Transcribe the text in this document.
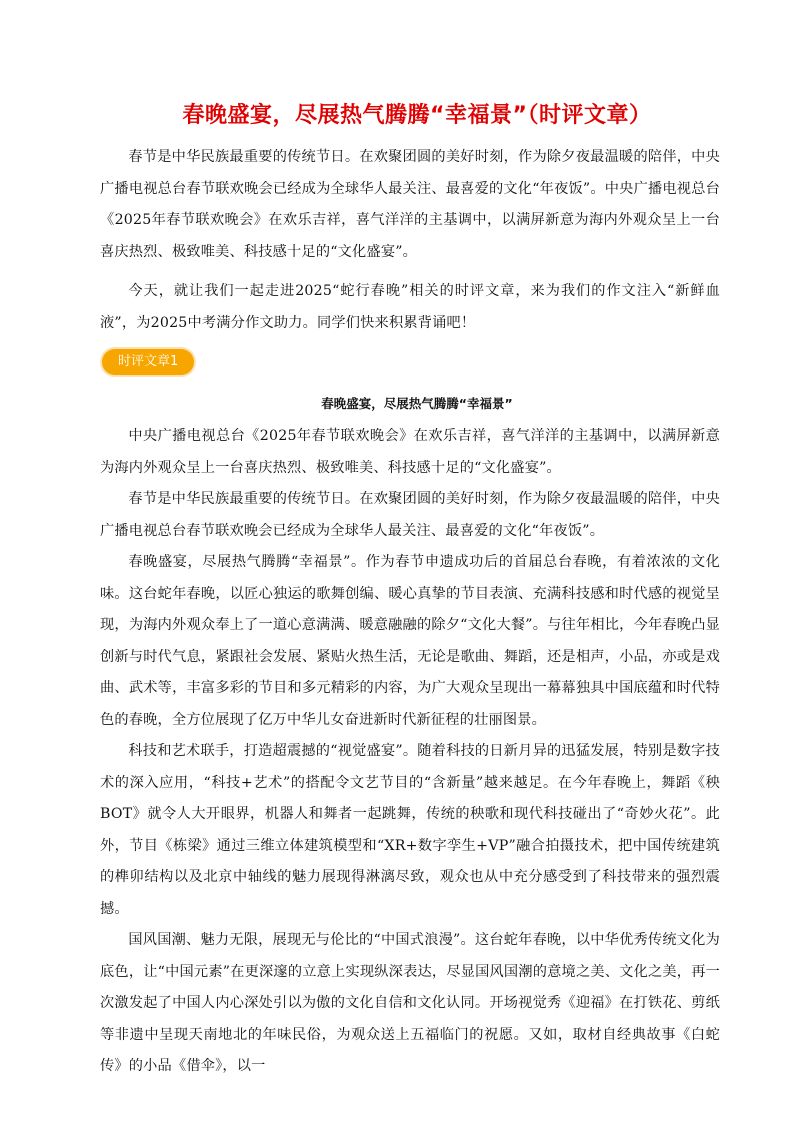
春晚盛宴，尽展热气腾腾“幸福景”（时评文章）

春节是中华民族最重要的传统节日。在欢聚团圆的美好时刻，作为除夕夜最温暖的陪伴，中央广播电视总台春节联欢晚会已经成为全球华人最关注、最喜爱的文化“年夜饭”。中央广播电视总台《2025年春节联欢晚会》在欢乐吉祥，喜气洋洋的主基调中，以满屏新意为海内外观众呈上一台喜庆热烈、极致唯美、科技感十足的“文化盛宴”。

今天，就让我们一起走进2025“蛇行春晚”相关的时评文章，来为我们的作文注入“新鲜血液”，为2025中考满分作文助力。同学们快来积累背诵吧！

时评文章1
春晚盛宴，尽展热气腾腾“幸福景”

中央广播电视总台《2025年春节联欢晚会》在欢乐吉祥，喜气洋洋的主基调中，以满屏新意为海内外观众呈上一台喜庆热烈、极致唯美、科技感十足的“文化盛宴”。

春节是中华民族最重要的传统节日。在欢聚团圆的美好时刻，作为除夕夜最温暖的陪伴，中央广播电视总台春节联欢晚会已经成为全球华人最关注、最喜爱的文化“年夜饭”。

春晚盛宴，尽展热气腾腾“幸福景”。作为春节申遗成功后的首届总台春晚，有着浓浓的文化味。这台蛇年春晚，以匠心独运的歌舞创编、暖心真挚的节目表演、充满科技感和时代感的视觉呈现，为海内外观众奉上了一道心意满满、暖意融融的除夕“文化大餐”。与往年相比，今年春晚凸显创新与时代气息，紧跟社会发展、紧贴火热生活，无论是歌曲、舞蹈，还是相声，小品，亦或是戏曲、武术等，丰富多彩的节目和多元精彩的内容，为广大观众呈现出一幕幕独具中国底蕴和时代特色的春晚，全方位展现了亿万中华儿女奋进新时代新征程的壮丽图景。

科技和艺术联手，打造超震撼的“视觉盛宴”。随着科技的日新月异的迅猛发展，特别是数字技术的深入应用，“科技+艺术”的搭配令文艺节目的“含新量”越来越足。在今年春晚上，舞蹈《秧BOT》就令人大开眼界，机器人和舞者一起跳舞，传统的秧歌和现代科技碰出了“奇妙火花”。此外，节目《栋梁》通过三维立体建筑模型和“XR+数字孪生+VP”融合拍摄技术，把中国传统建筑的榫卯结构以及北京中轴线的魅力展现得淋漓尽致，观众也从中充分感受到了科技带来的强烈震撼。

国风国潮、魅力无限，展现无与伦比的“中国式浪漫”。这台蛇年春晚，以中华优秀传统文化为底色，让“中国元素”在更深邃的立意上实现纵深表达，尽显国风国潮的意境之美、文化之美，再一次激发起了中国人内心深处引以为傲的文化自信和文化认同。开场视觉秀《迎福》在打铁花、剪纸等非遗中呈现天南地北的年味民俗，为观众送上五福临门的祝愿。又如，取材自经典故事《白蛇传》的小品《借伞》，以一
